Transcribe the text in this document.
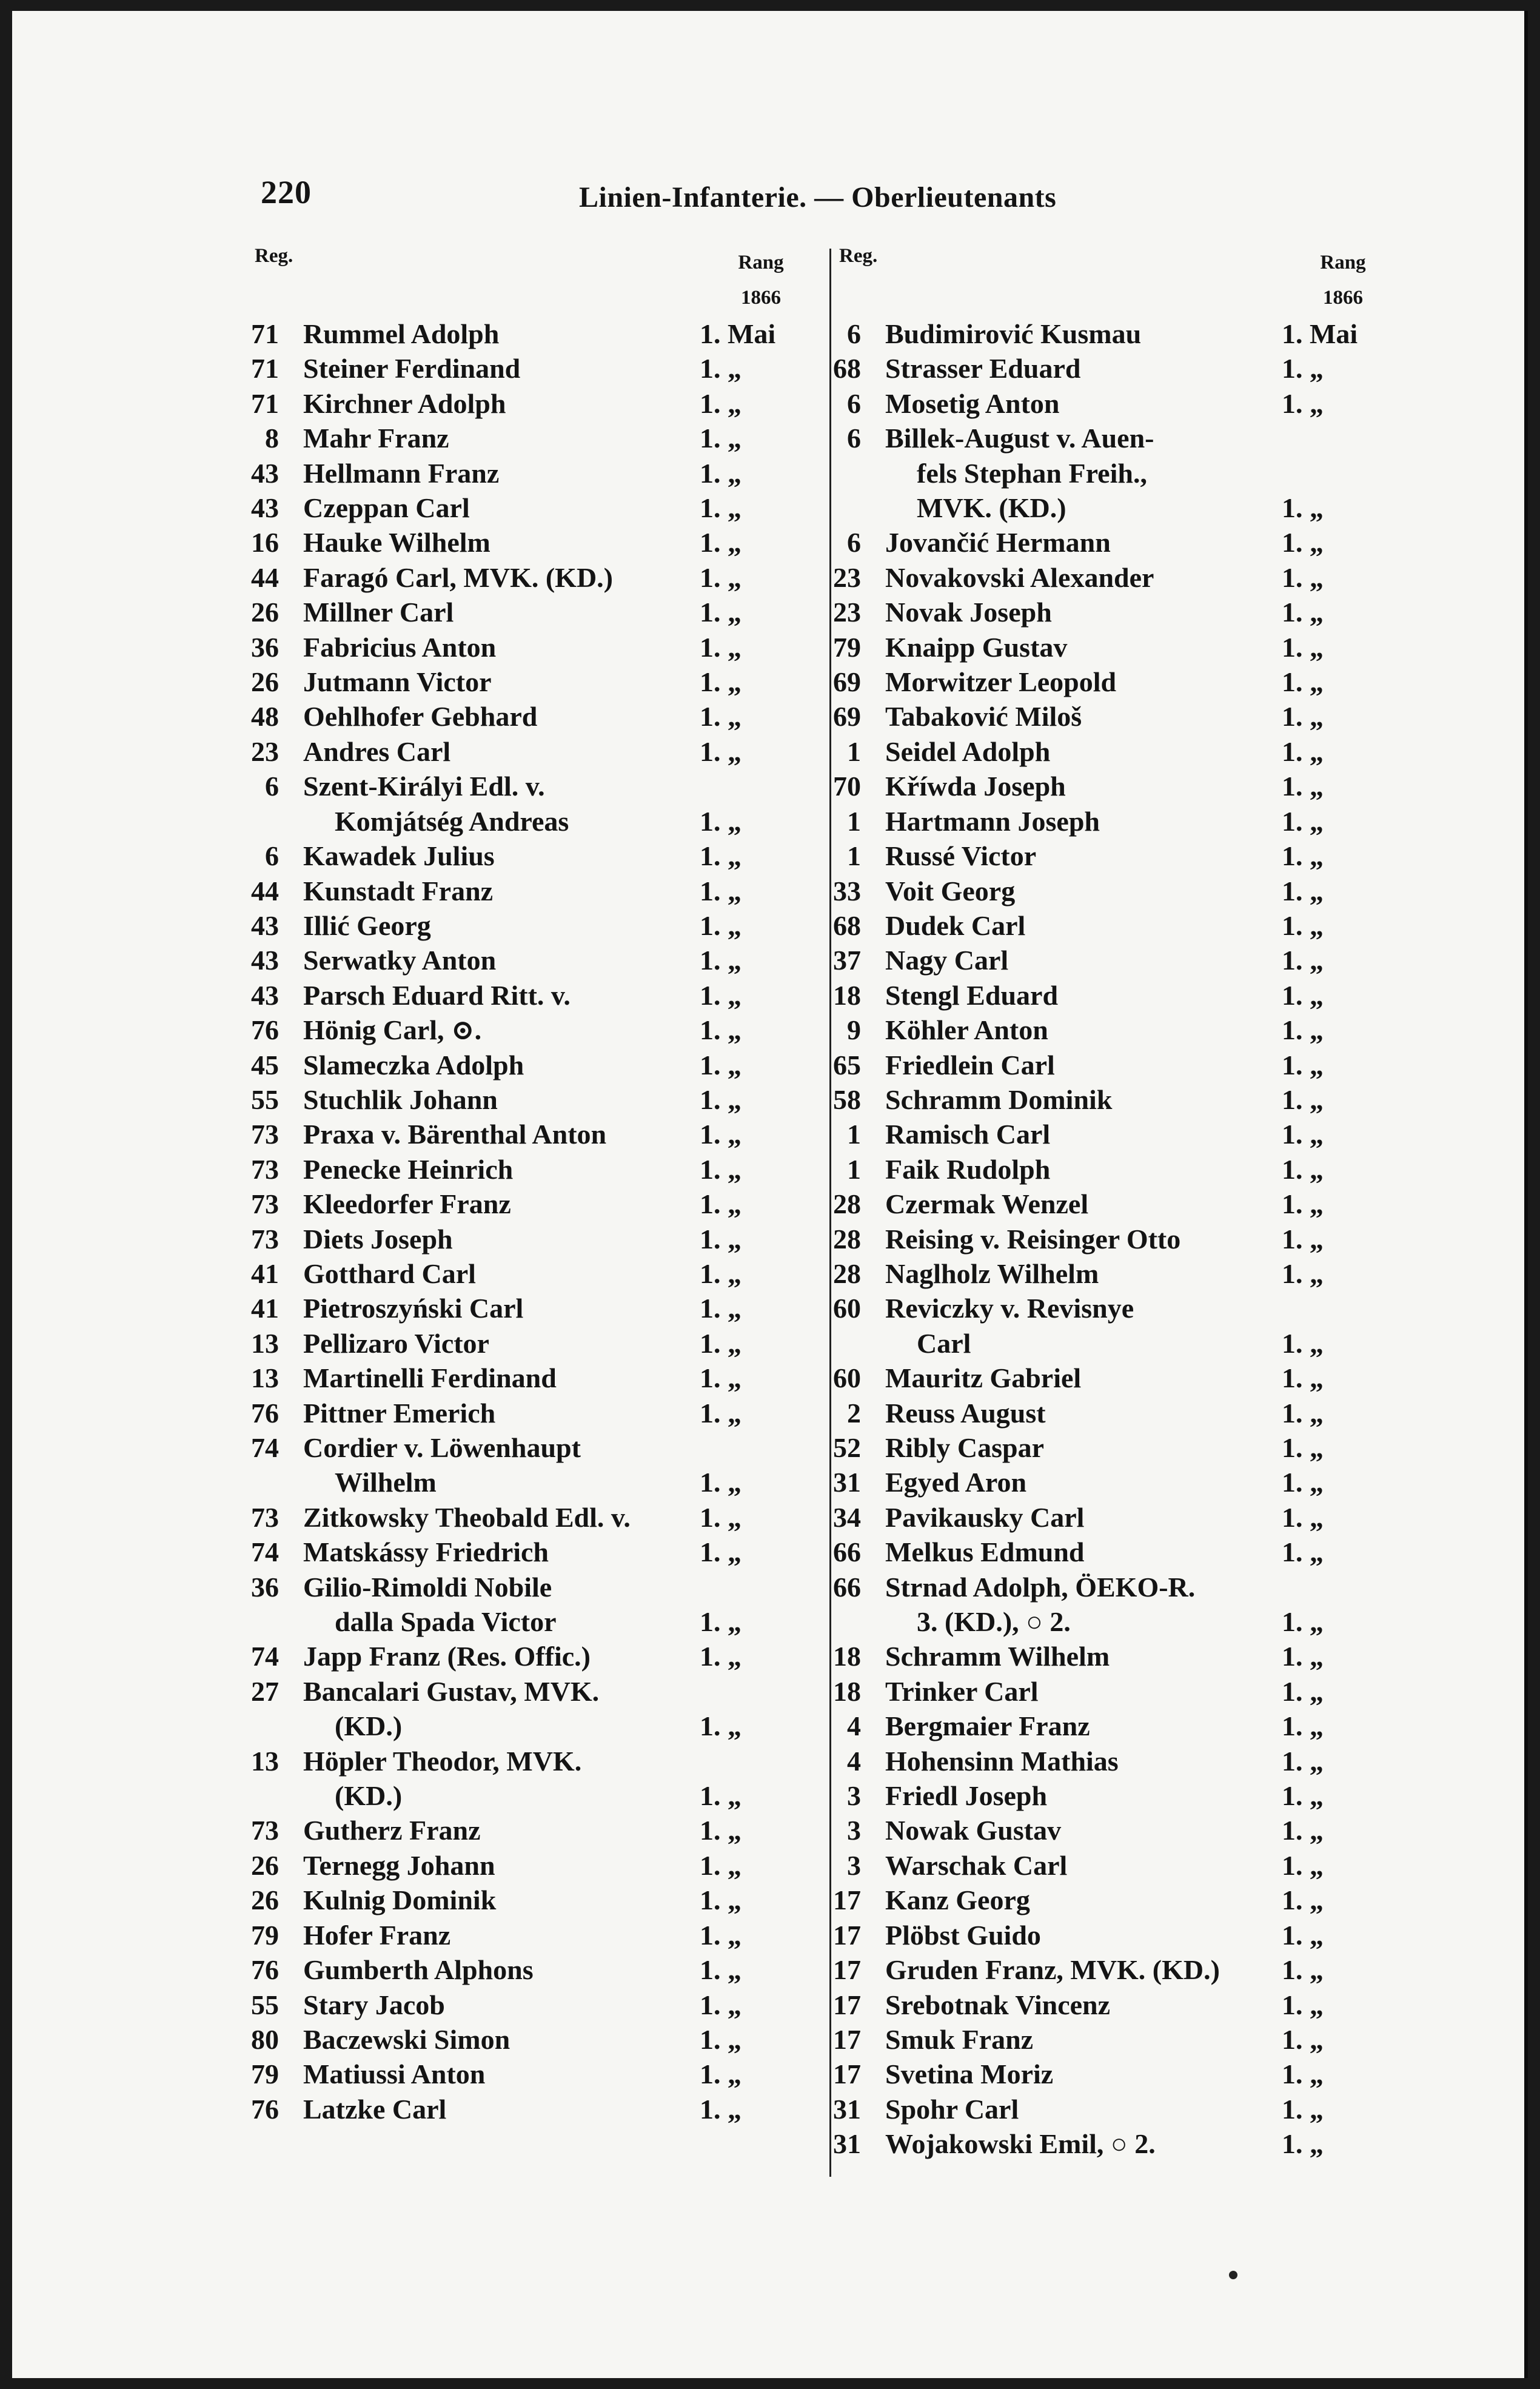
220	Linien-Infanterie. — Oberlieutenants
Reg.	Rang
1866
Reg.	Rang
1866
71 Rummel Adolph	1. Mai
71 Steiner Ferdinand	1. „
71 Kirchner Adolph	1. „
8 Mahr Franz	1. „
43 Hellmann Franz	1. „
43 Czeppan Carl	1. „
16 Hauke Wilhelm	1. „
44 Faragó Carl, MVK. (KD.)	1. „
26 Millner Carl	1. „
36 Fabricius Anton	1. „
26 Jutmann Victor	1. „
48 Oehlhofer Gebhard	1. „
23 Andres Carl	1. „
6 Szent-Királyi Edl. v.
Komjátség Andreas	1. „
6 Kawadek Julius	1. „
44 Kunstadt Franz	1. „
43 Illić Georg	1. „
43 Serwatky Anton	1. „
43 Parsch Eduard Ritt. v.	1. „
76 Hönig Carl, ⊙.	1. „
45 Slameczka Adolph	1. „
55 Stuchlik Johann	1. „
73 Praxa v. Bärenthal Anton	1. „
73 Penecke Heinrich	1. „
73 Kleedorfer Franz	1. „
73 Diets Joseph	1. „
41 Gotthard Carl	1. „
41 Pietroszyński Carl	1. „
13 Pellizaro Victor	1. „
13 Martinelli Ferdinand	1. „
76 Pittner Emerich	1. „
74 Cordier v. Löwenhaupt
Wilhelm	1. „
73 Zitkowsky Theobald Edl. v.	1. „
74 Matskássy Friedrich	1. „
36 Gilio-Rimoldi Nobile
dalla Spada Victor	1. „
74 Japp Franz (Res. Offic.)	1. „
27 Bancalari Gustav, MVK.
(KD.)	1. „
13 Höpler Theodor, MVK.
(KD.)	1. „
73 Gutherz Franz	1. „
26 Ternegg Johann	1. „
26 Kulnig Dominik	1. „
79 Hofer Franz	1. „
76 Gumberth Alphons	1. „
55 Stary Jacob	1. „
80 Baczewski Simon	1. „
79 Matiussi Anton	1. „
76 Latzke Carl	1. „
6 Budimirović Kusmau	1. Mai
68 Strasser Eduard	1. „
6 Mosetig Anton	1. „
6 Billek-August v. Auen-
fels Stephan Freih.,
MVK. (KD.)	1. „
6 Jovančić Hermann	1. „
23 Novakovski Alexander	1. „
23 Novak Joseph	1. „
79 Knaipp Gustav	1. „
69 Morwitzer Leopold	1. „
69 Tabaković Miloš	1. „
1 Seidel Adolph	1. „
70 Kříwda Joseph	1. „
1 Hartmann Joseph	1. „
1 Russé Victor	1. „
33 Voit Georg	1. „
68 Dudek Carl	1. „
37 Nagy Carl	1. „
18 Stengl Eduard	1. „
9 Köhler Anton	1. „
65 Friedlein Carl	1. „
58 Schramm Dominik	1. „
1 Ramisch Carl	1. „
1 Faik Rudolph	1. „
28 Czermak Wenzel	1. „
28 Reising v. Reisinger Otto	1. „
28 Naglholz Wilhelm	1. „
60 Reviczky v. Revisnye
Carl	1. „
60 Mauritz Gabriel	1. „
2 Reuss August	1. „
52 Ribly Caspar	1. „
31 Egyed Aron	1. „
34 Pavikausky Carl	1. „
66 Melkus Edmund	1. „
66 Strnad Adolph, ÖEKO-R.
3. (KD.), ○ 2.	1. „
18 Schramm Wilhelm	1. „
18 Trinker Carl	1. „
4 Bergmaier Franz	1. „
4 Hohensinn Mathias	1. „
3 Friedl Joseph	1. „
3 Nowak Gustav	1. „
3 Warschak Carl	1. „
17 Kanz Georg	1. „
17 Plöbst Guido	1. „
17 Gruden Franz, MVK. (KD.)	1. „
17 Srebotnak Vincenz	1. „
17 Smuk Franz	1. „
17 Svetina Moriz	1. „
31 Spohr Carl	1. „
31 Wojakowski Emil, ○ 2.	1. „
